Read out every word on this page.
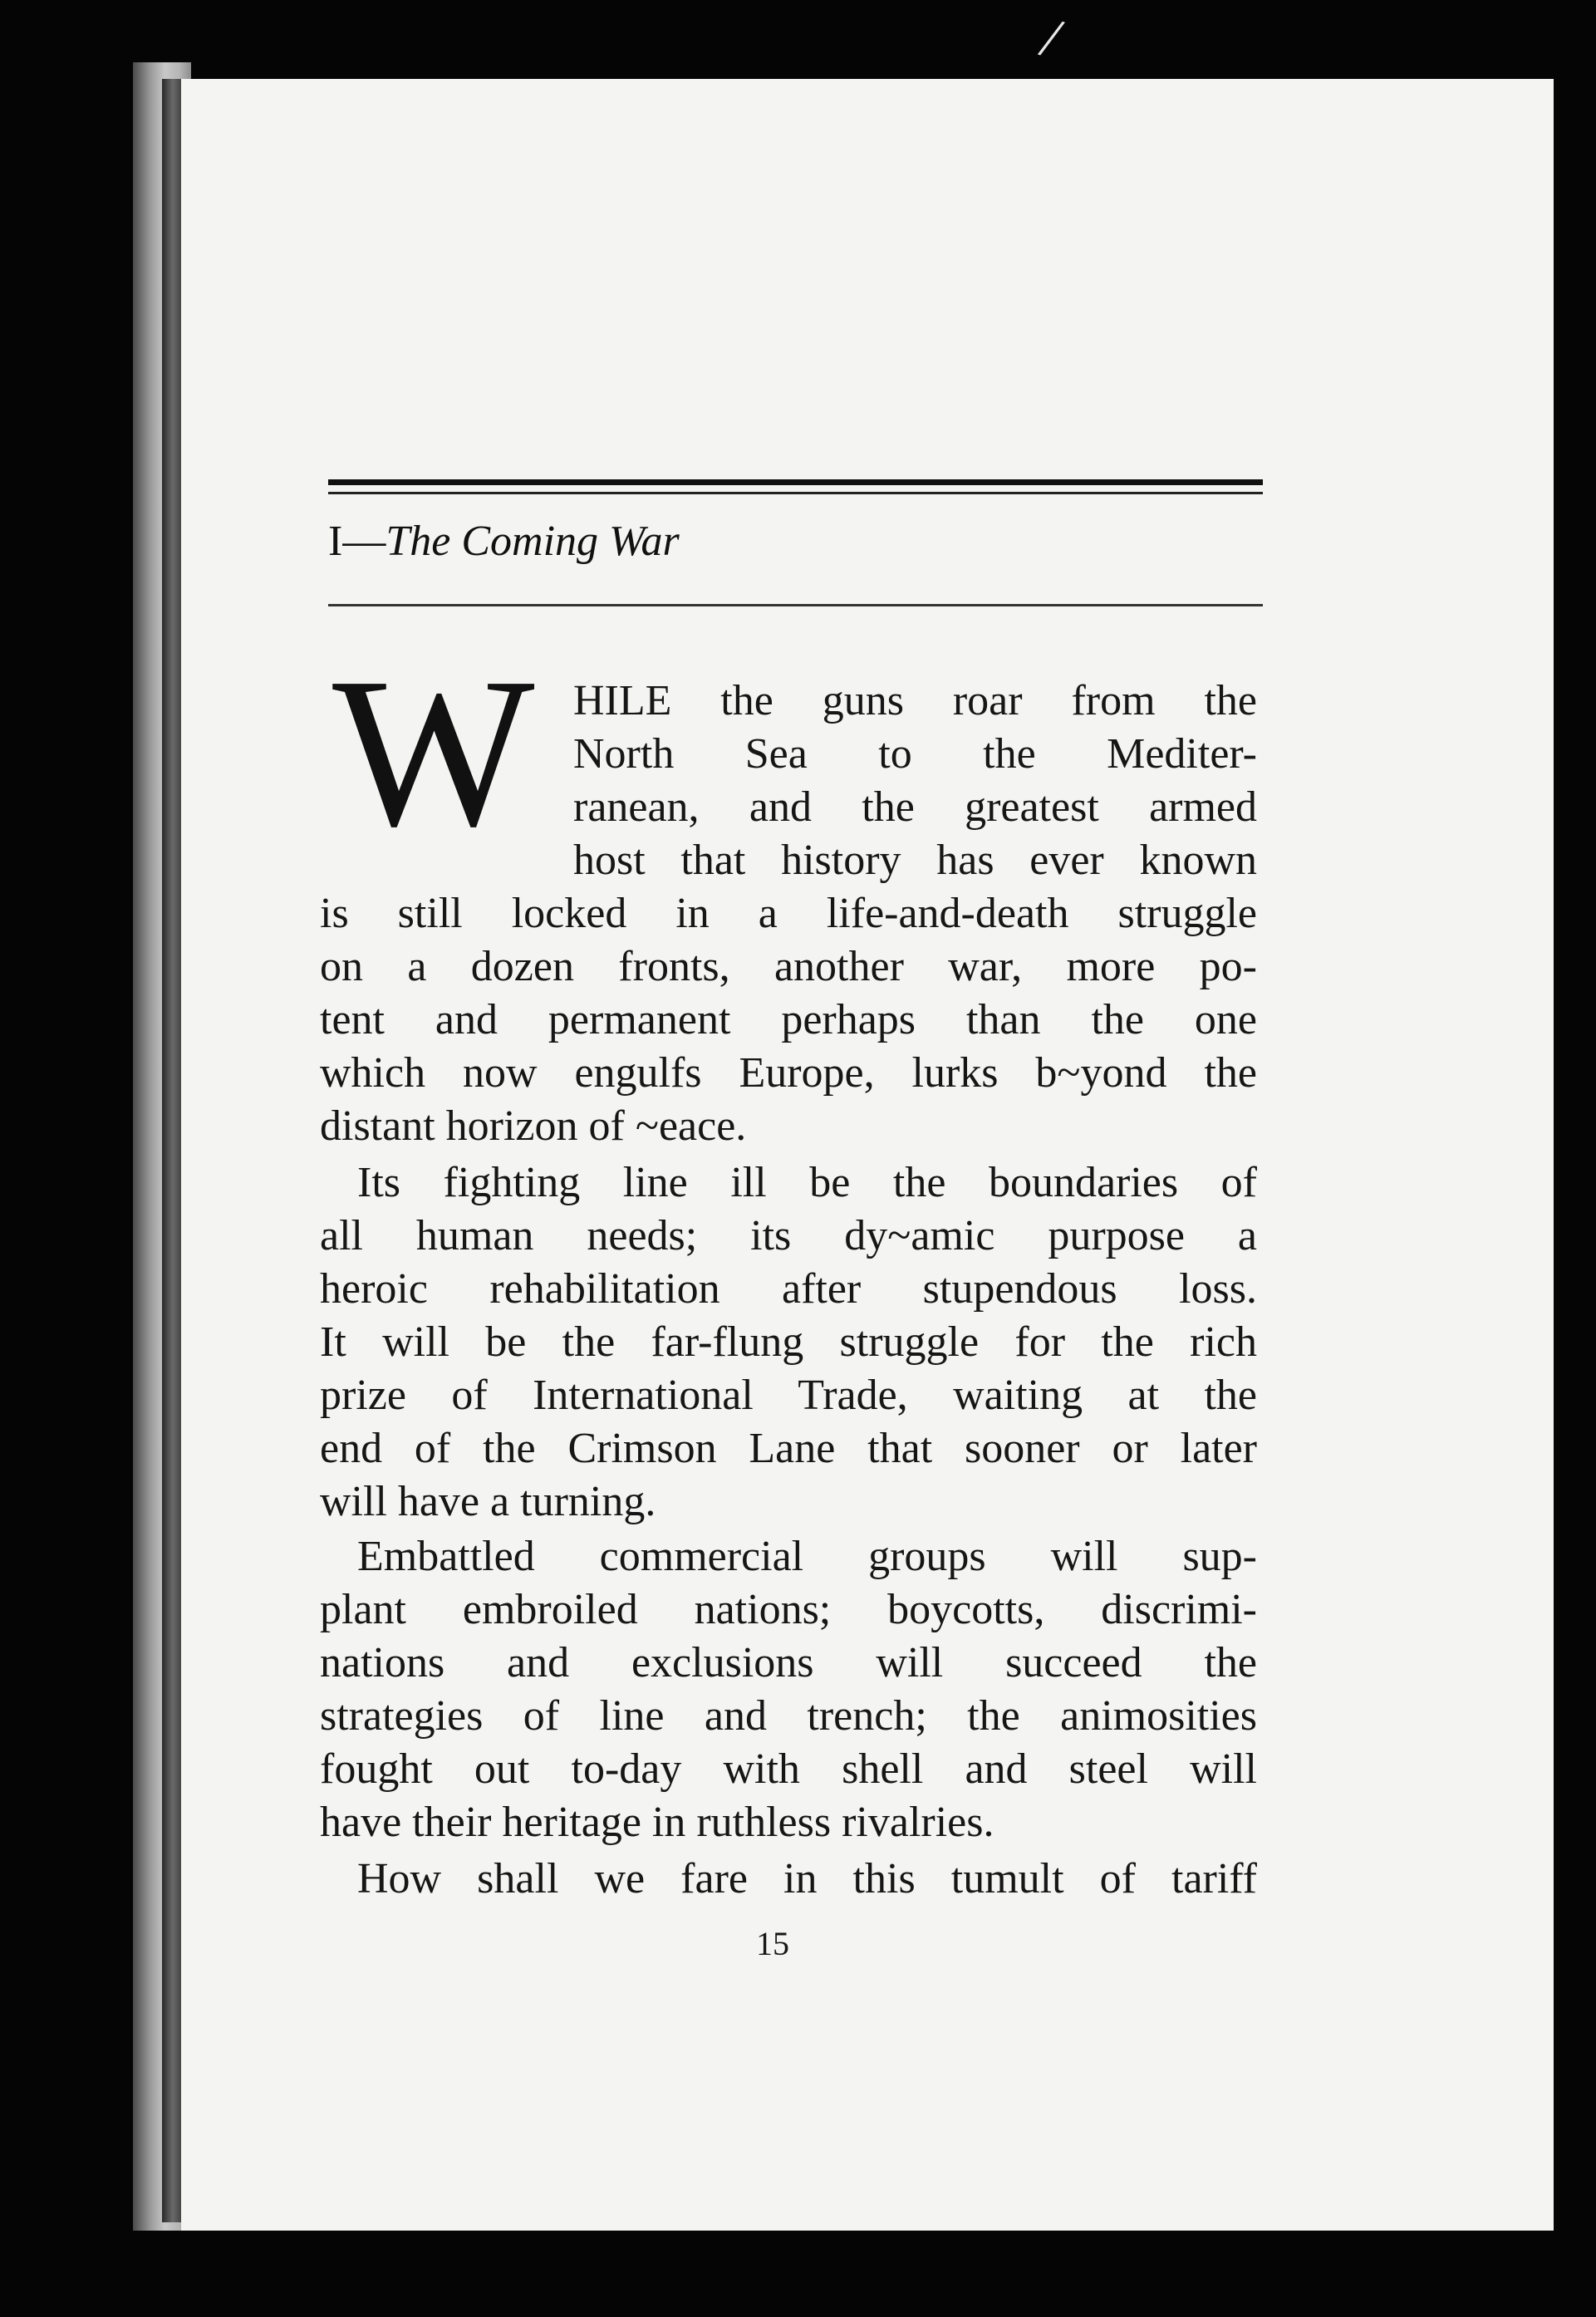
/
I—The Coming War
W HILE the guns roar from the
North Sea to the Mediter-
ranean, and the greatest armed
host that history has ever known
is still locked in a life-and-death struggle
on a dozen fronts, another war, more po-
tent and permanent perhaps than the one
which now engulfs Europe, lurks b~yond the
distant horizon of ~eace.
Its fighting line ill be the boundaries of
all human needs; its dy~amic purpose a
heroic rehabilitation after stupendous loss.
It will be the far-flung struggle for the rich
prize of International Trade, waiting at the
end of the Crimson Lane that sooner or later
will have a turning.
Embattled commercial groups will sup-
plant embroiled nations; boycotts, discrimi-
nations and exclusions will succeed the
strategies of line and trench; the animosities
fought out to-day with shell and steel will
have their heritage in ruthless rivalries.
How shall we fare in this tumult of tariff
15
